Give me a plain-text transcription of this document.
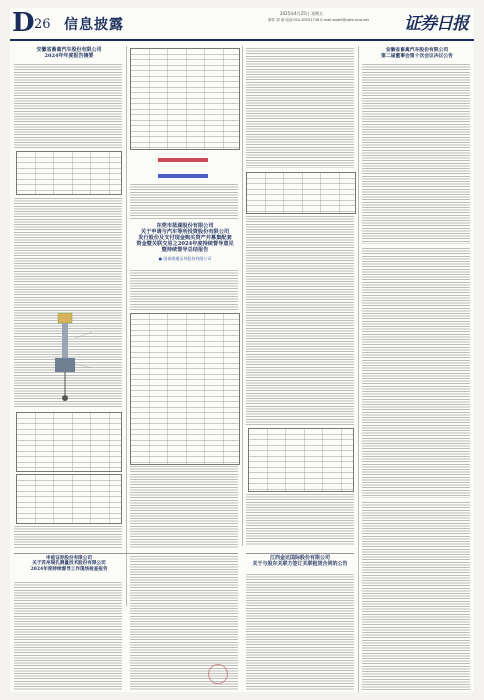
D 26 信息披露
2025年4月25日 星期五
制作 刘 涛 电话:010-83251716 E-mail:zqrb9@zqrb.sina.net 证券日报
安徽省畜禽汽车股份有限公司
2024年年度报告摘要
申能证券股份有限公司
关于苏州瑞孔测量技术股份有限公司
2024年度持续督导工作现场检查报告
东莞市蓝湖股份有限公司
关于申请与汽车等所投资股份有限公司
发行股份及支付现金购买资产并募集配套
资金暨关联交易之2024年度持续督导意见
暨持续督导总结报告
● 国泰海通证券股份有限公司
江西金达国际股份有限公司
关于与股东关联方签订关联租赁合同的公告
安徽省畜禽汽车股份有限公司
第二届董事会第十次会议决议公告
